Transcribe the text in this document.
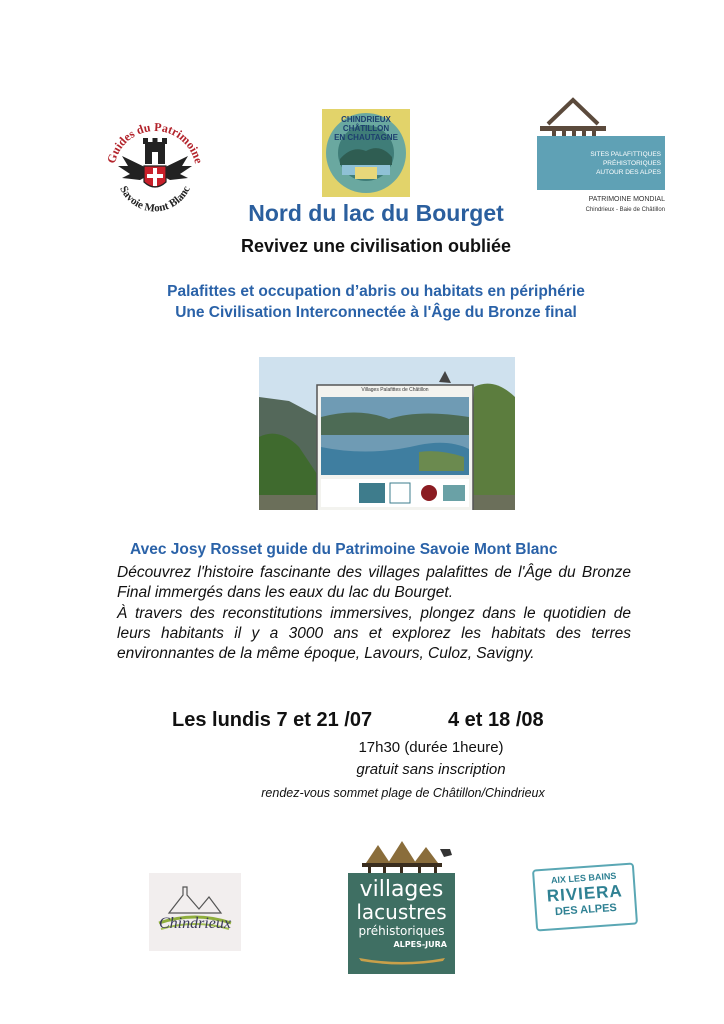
Guides du Patrimoine
Savoie Mont Blanc
CHINDRIEUX
CHÂTILLON
EN CHAUTAGNE
SITES PALAFITTIQUES PRÉHISTORIQUES
AUTOUR DES ALPES
PATRIMOINE MONDIAL
Chindrieux - Baie de Châtillon
Nord du lac du Bourget
Revivez une civilisation oubliée
Palafittes et occupation d’abris ou habitats en périphérie
Une Civilisation Interconnectée à l'Âge du Bronze final
Villages Palafittes de Châtillon
Avec Josy Rosset guide du Patrimoine Savoie Mont Blanc
Découvrez l'histoire fascinante des villages palafittes de l'Âge du Bronze Final immergés dans les eaux du lac du Bourget.
À travers des reconstitutions immersives, plongez dans le quotidien de leurs habitants il y a 3000 ans et explorez les habitats des terres environnantes de la même époque, Lavours, Culoz, Savigny.
Les lundis 7 et 21 /07	4 et 18 /08
17h30 (durée 1heure)
gratuit sans inscription
rendez-vous sommet plage de Châtillon/Chindrieux
Chindrieux
villages
lacustres
préhistoriques
ALPES-JURA
AIX LES BAINS
RIVIERA
DES ALPES
